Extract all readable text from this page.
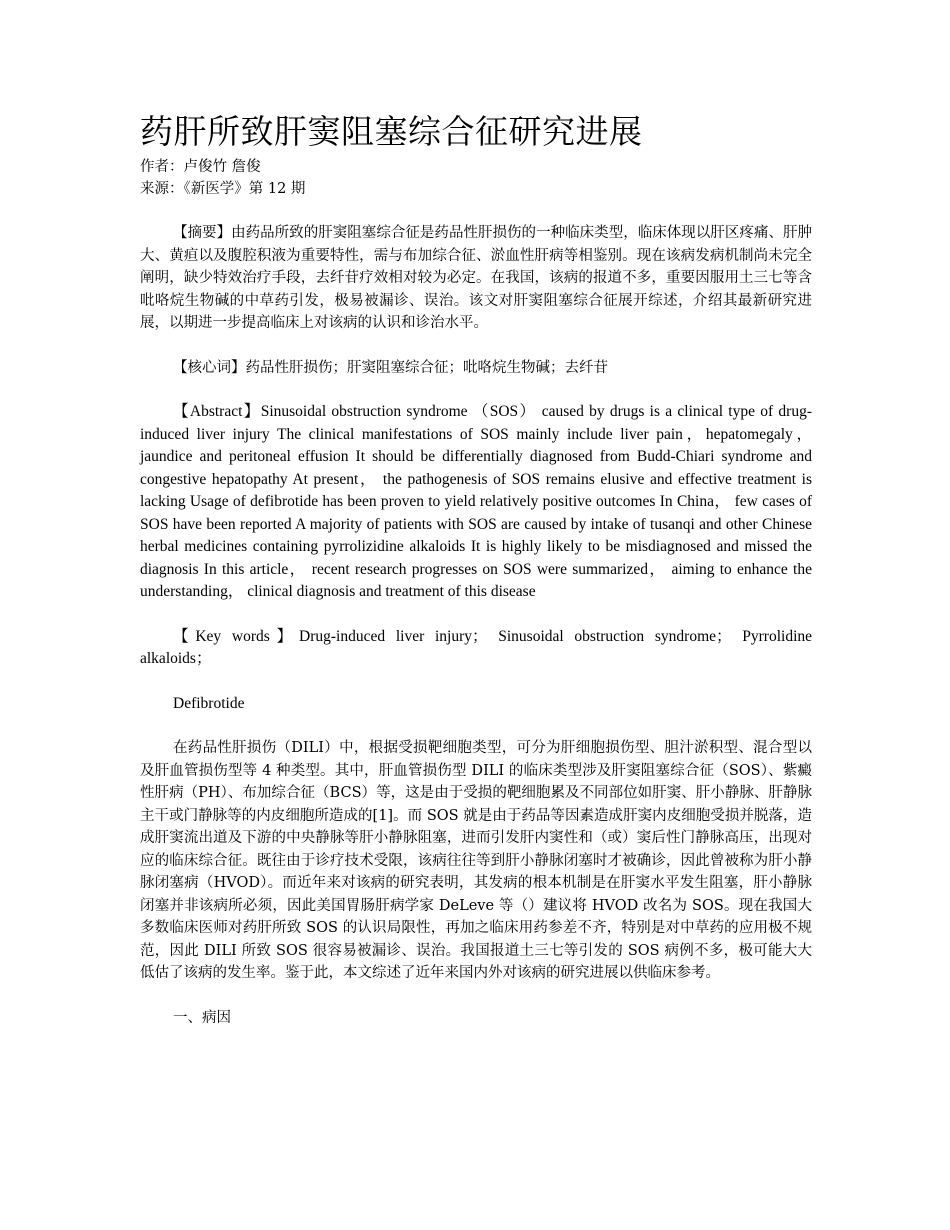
药肝所致肝窦阻塞综合征研究进展

作者：卢俊竹 詹俊

来源：《新医学》第 12 期

【摘要】由药品所致的肝窦阻塞综合征是药品性肝损伤的一种临床类型，临床体现以肝区疼痛、肝肿大、黄疸以及腹腔积液为重要特性，需与布加综合征、淤血性肝病等相鉴别。现在该病发病机制尚未完全阐明，缺少特效治疗手段，去纤苷疗效相对较为必定。在我国，该病的报道不多，重要因服用土三七等含吡咯烷生物碱的中草药引发，极易被漏诊、误治。该文对肝窦阻塞综合征展开综述，介绍其最新研究进展，以期进一步提高临床上对该病的认识和诊治水平。

【核心词】药品性肝损伤；肝窦阻塞综合征；吡咯烷生物碱；去纤苷

【Abstract】Sinusoidal obstruction syndrome （SOS） caused by drugs is a clinical type of drug-induced liver injury The clinical manifestations of SOS mainly include liver pain，hepatomegaly， jaundice and peritoneal effusion It should be differentially diagnosed from Budd-Chiari syndrome and congestive hepatopathy At present， the pathogenesis of SOS remains elusive and effective treatment is lacking Usage of defibrotide has been proven to yield relatively positive outcomes In China， few cases of SOS have been reported A majority of patients with SOS are caused by intake of tusanqi and other Chinese herbal medicines containing pyrrolizidine alkaloids It is highly likely to be misdiagnosed and missed the diagnosis In this article， recent research progresses on SOS were summarized， aiming to enhance the understanding， clinical diagnosis and treatment of this disease

【Key words】Drug-induced liver injury； Sinusoidal obstruction syndrome； Pyrrolidine alkaloids；

Defibrotide

在药品性肝损伤（DILI）中，根据受损靶细胞类型，可分为肝细胞损伤型、胆汁淤积型、混合型以及肝血管损伤型等 4 种类型。其中，肝血管损伤型 DILI 的临床类型涉及肝窦阻塞综合征（SOS）、紫癜性肝病（PH）、布加综合征（BCS）等，这是由于受损的靶细胞累及不同部位如肝窦、肝小静脉、肝静脉主干或门静脉等的内皮细胞所造成的[1]。而 SOS 就是由于药品等因素造成肝窦内皮细胞受损并脱落，造成肝窦流出道及下游的中央静脉等肝小静脉阻塞，进而引发肝内窦性和（或）窦后性门静脉高压，出现对应的临床综合征。既往由于诊疗技术受限，该病往往等到肝小静脉闭塞时才被确诊，因此曾被称为肝小静脉闭塞病（HVOD）。而近年来对该病的研究表明，其发病的根本机制是在肝窦水平发生阻塞，肝小静脉闭塞并非该病所必须，因此美国胃肠肝病学家 DeLeve 等（）建议将 HVOD 改名为 SOS。现在我国大多数临床医师对药肝所致 SOS 的认识局限性，再加之临床用药参差不齐，特别是对中草药的应用极不规范，因此 DILI 所致 SOS 很容易被漏诊、误治。我国报道土三七等引发的 SOS 病例不多，极可能大大低估了该病的发生率。鉴于此，本文综述了近年来国内外对该病的研究进展以供临床参考。

一、病因
